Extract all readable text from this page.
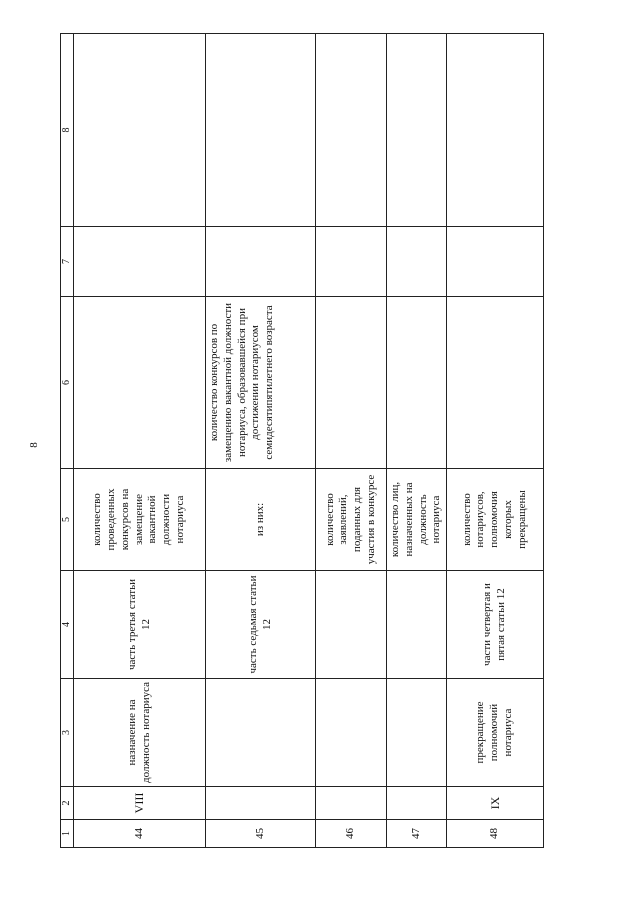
8
1	2	3	4	5	6	7	8
44	VIII	назначение на должность нотариуса	часть третья статьи 12	количество проведенных конкурсов на замещение вакантной должности нотариуса			
45			часть седьмая статьи 12	из них:	количество конкурсов по замещению вакантной должности нотариуса, образовавшейся при достижении нотариусом семидесятипятилетнего возраста		
46				количество заявлений, поданных для участия в конкурсе			
47				количество лиц, назначенных на должность нотариуса			
48	IX	прекращение полномочий нотариуса	части четвертая и пятая статьи 12	количество нотариусов, полномочия которых прекращены			
